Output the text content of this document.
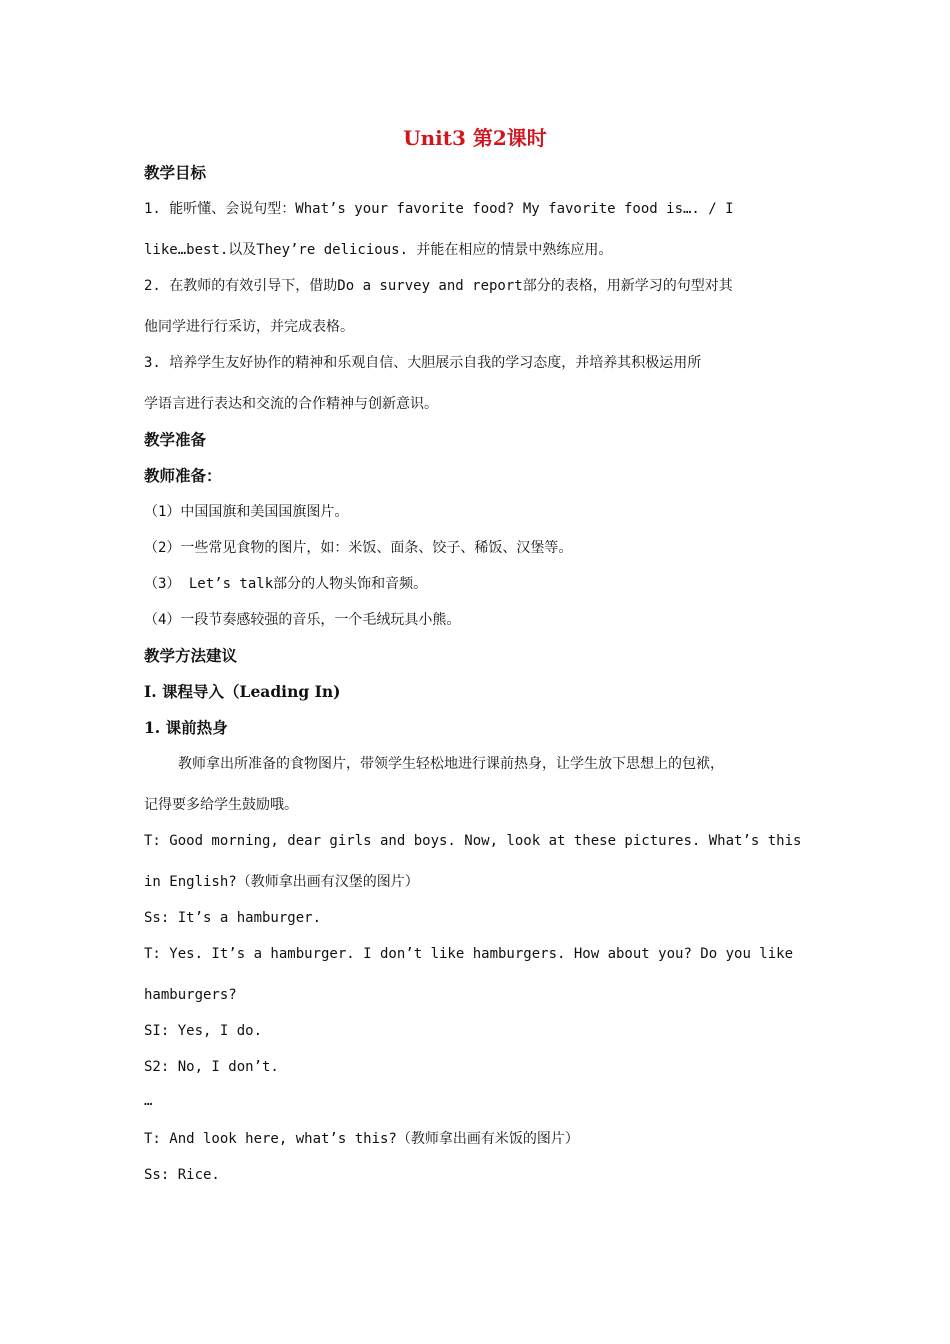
Unit3 第2课时
教学目标
1. 能听懂、会说句型：What’s your favorite food? My favorite food is…. / I
like…best.以及They’re delicious. 并能在相应的情景中熟练应用。
2. 在教师的有效引导下，借助Do a survey and report部分的表格，用新学习的句型对其
他同学进行行采访，并完成表格。
3. 培养学生友好协作的精神和乐观自信、大胆展示自我的学习态度，并培养其积极运用所
学语言进行表达和交流的合作精神与创新意识。
教学准备
教师准备：
（1）中国国旗和美国国旗图片。
（2）一些常见食物的图片，如：米饭、面条、饺子、稀饭、汉堡等。
（3） Let’s talk部分的人物头饰和音频。
（4）一段节奏感较强的音乐，一个毛绒玩具小熊。
教学方法建议
I. 课程导入（Leading In)
1. 课前热身
教师拿出所准备的食物图片，带领学生轻松地进行课前热身，让学生放下思想上的包袱，
记得要多给学生鼓励哦。
T: Good morning, dear girls and boys. Now, look at these pictures. What’s this
in English?（教师拿出画有汉堡的图片）
Ss: It’s a hamburger.
T: Yes. It’s a hamburger. I don’t like hamburgers. How about you? Do you like
hamburgers?
SI: Yes, I do.
S2: No, I don’t.
…
T: And look here, what’s this?（教师拿出画有米饭的图片）
Ss: Rice.
